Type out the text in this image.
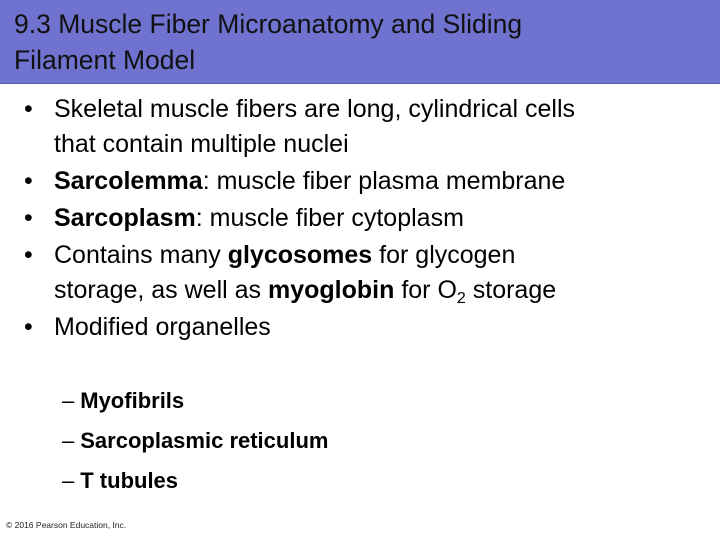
9.3 Muscle Fiber Microanatomy and Sliding
Filament Model
• Skeletal muscle fibers are long, cylindrical cells
that contain multiple nuclei
• Sarcolemma: muscle fiber plasma membrane
• Sarcoplasm: muscle fiber cytoplasm
• Contains many glycosomes for glycogen
storage, as well as myoglobin for $O_2$ storage
• Modified organelles
– Myofibrils
– Sarcoplasmic reticulum
– T tubules
© 2016 Pearson Education, Inc.
